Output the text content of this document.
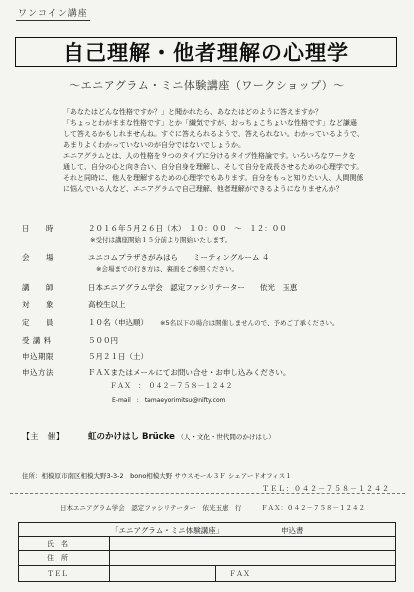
ワンコイン講座
自己理解・他者理解の心理学
～エニアグラム・ミニ体験講座（ワークショップ）～
「あなたはどんな性格ですか？」と聞かれたら、あなたはどのように答えますか？
「ちょっとわがままな性格です」とか「繊気ですが、おっちょこちょいな性格です」など謙遜
して答えるかもしれませんね。すぐに答えられるようで、答えられない。わかっているようで、
あまりよくわかっていないのが自分ではないでしょうか。
エニアグラムとは、人の性格を９つのタイプに分けるタイプ性格論です。いろいろなワークを
通して、自分の心と向き合い、自分自身を理解し、そして自分を成長させるための心理学です。
それと同時に、他人を理解するための心理学でもあります。自分をもっと知りたい人、人間関係
に悩んでいる人など、エニアグラムで自己理解、他者理解ができるようになりませんか？
日　　時	２０１６年５月２６日（木）　１０：００　～　１２：００
※受付は講座開始１５分前より開始いたします。
会　　場	ユニコムプラザさがみはら　　ミーティングルーム ４
※会場までの行き方は、裏面をご参照ください。
講　　師	日本エニアグラム学会　認定ファシリテーター　　依光　玉恵
対　　象	高校生以上
定　　員	１０名（申込順） ※5名以下の場合は開催しませんので、予めご了承ください。
受 講 料	５００円
申込期限	５月２１日（土）
申込方法	ＦＡＸまたはメールにてお問い合せ・お申し込みください。
ＦＡＸ　：　０４２－７５８－１２４２
E-mail　:　tamaeyorimitsu@nifty.com
【主　催】	虹のかけはし Brücke （人・文化・世代間のかけはし）
住所：相模原市南区相模大野3-3-2　bono相模大野 サウスモール３Ｆ シェアードオフィス１
ＴＥＬ：０４２－７５８－１２４２
日本エニアグラム学会　認定ファシリテーター　依光玉恵　行　　　ＦＡＸ：０４２－７５８－１２４２
「エニアグラム・ミニ体験講座」	申込書
氏　名
住　所
ＴＥＬ	ＦＡＸ
